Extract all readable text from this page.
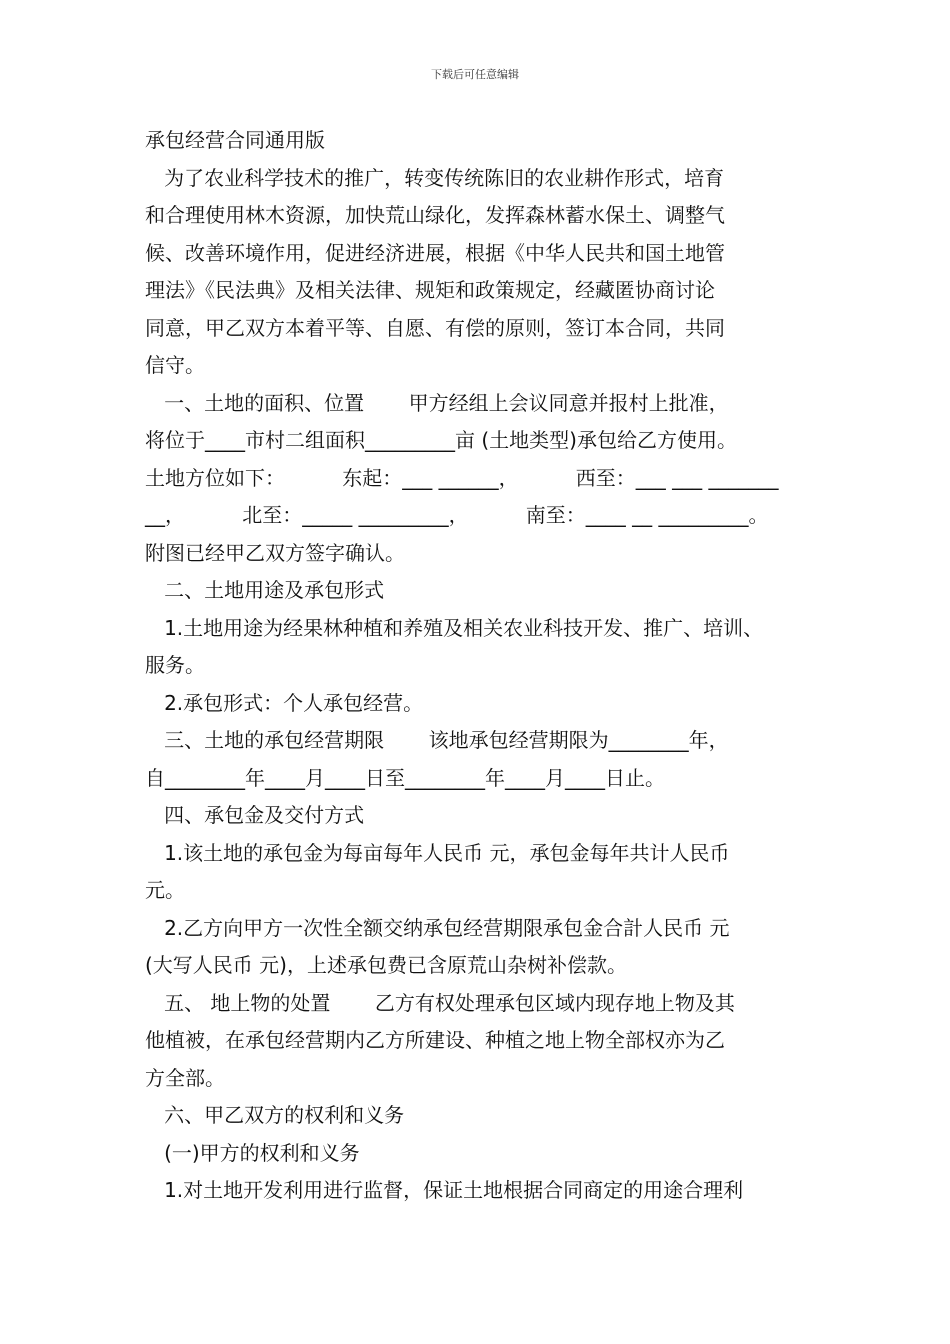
下载后可任意编辑
承包经营合同通用版
为了农业科学技术的推广，转变传统陈旧的农业耕作形式，培育
和合理使用林木资源，加快荒山绿化，发挥森林蓄水保土、调整气
候、改善环境作用，促进经济进展，根据《中华人民共和国土地管
理法》《民法典》及相关法律、规矩和政策规定，经藏匿协商讨论
同意，甲乙双方本着平等、自愿、有偿的原则，签订本合同，共同
信守。
一、土地的面积、位置       甲方经组上会议同意并报村上批准，
将位于____市村二组面积_________亩 (土地类型)承包给乙方使用。
土地方位如下：         东起：___ ______，         西至：___ ___ _______
__，         北至：_____ _________，         南至：____ __ _________。
附图已经甲乙双方签字确认。
二、土地用途及承包形式
1.土地用途为经果林种植和养殖及相关农业科技开发、推广、培训、
服务。
2.承包形式：个人承包经营。
三、土地的承包经营期限       该地承包经营期限为________年，
自________年____月____日至________年____月____日止。
四、承包金及交付方式
1.该土地的承包金为每亩每年人民币 元，承包金每年共计人民币
元。
2.乙方向甲方一次性全额交纳承包经营期限承包金合計人民币 元
(大写人民币 元)，上述承包费已含原荒山杂树补偿款。
五、 地上物的处置       乙方有权处理承包区域内现存地上物及其
他植被，在承包经营期内乙方所建设、种植之地上物全部权亦为乙
方全部。
六、甲乙双方的权利和义务
(一)甲方的权利和义务
1.对土地开发利用进行监督，保证土地根据合同商定的用途合理利
